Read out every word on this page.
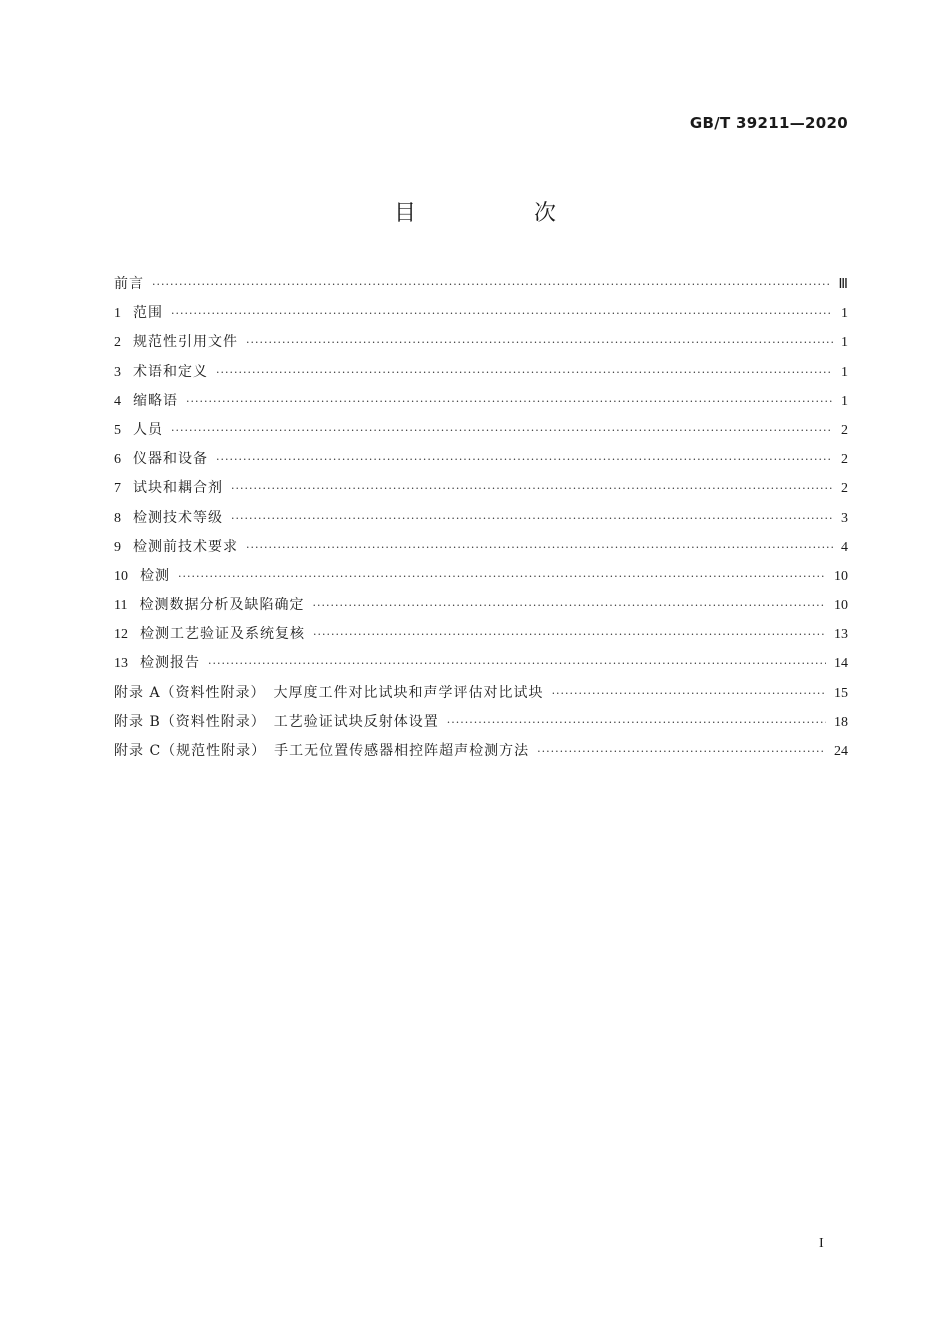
GB/T 39211—2020
目　次
前言 ·····	Ⅲ
1 范围 ·····	1
2 规范性引用文件 ·····	1
3 术语和定义 ·····	1
4 缩略语 ·····	1
5 人员 ·····	2
6 仪器和设备 ·····	2
7 试块和耦合剂 ·····	2
8 检测技术等级 ·····	3
9 检测前技术要求 ·····	4
10 检测 ·····	10
11 检测数据分析及缺陷确定 ·····	10
12 检测工艺验证及系统复核 ·····	13
13 检测报告 ·····	14
附录 A（资料性附录）　大厚度工件对比试块和声学评估对比试块 ·····	15
附录 B（资料性附录）　工艺验证试块反射体设置 ·····	18
附录 C（规范性附录）　手工无位置传感器相控阵超声检测方法 ·····	24
I
